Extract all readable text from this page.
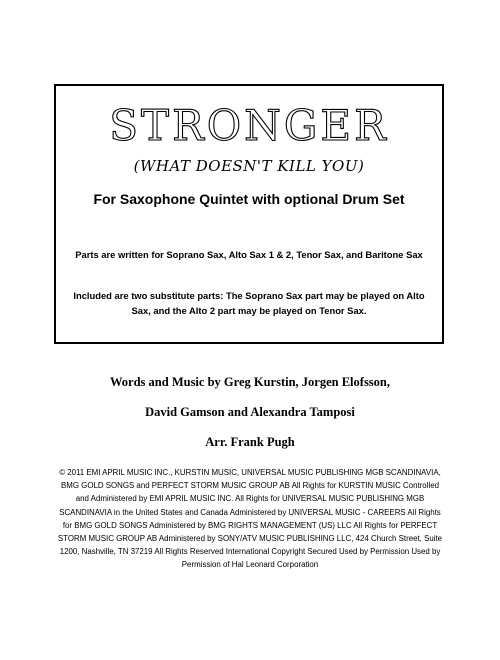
STRONGER
(WHAT DOESN'T KILL YOU)
For Saxophone Quintet with optional Drum Set
Parts are written for Soprano Sax, Alto Sax 1 & 2, Tenor Sax, and Baritone Sax
Included are two substitute parts: The Soprano Sax part may be played on Alto Sax, and the Alto 2 part may be played on Tenor Sax.
Words and Music by Greg Kurstin, Jorgen Elofsson,
David Gamson and Alexandra Tamposi
Arr. Frank Pugh
© 2011 EMI APRIL MUSIC INC., KURSTIN MUSIC, UNIVERSAL MUSIC PUBLISHING MGB SCANDINAVIA, BMG GOLD SONGS and PERFECT STORM MUSIC GROUP AB All Rights for KURSTIN MUSIC Controlled and Administered by EMI APRIL MUSIC INC. All Rights for UNIVERSAL MUSIC PUBLISHING MGB SCANDINAVIA in the United States and Canada Administered by UNIVERSAL MUSIC - CAREERS All Rights for BMG GOLD SONGS Administered by BMG RIGHTS MANAGEMENT (US) LLC All Rights for PERFECT STORM MUSIC GROUP AB Administered by SONY/ATV MUSIC PUBLISHING LLC, 424 Church Street, Suite 1200, Nashville, TN 37219 All Rights Reserved International Copyright Secured Used by Permission Used by Permission of Hal Leonard Corporation
